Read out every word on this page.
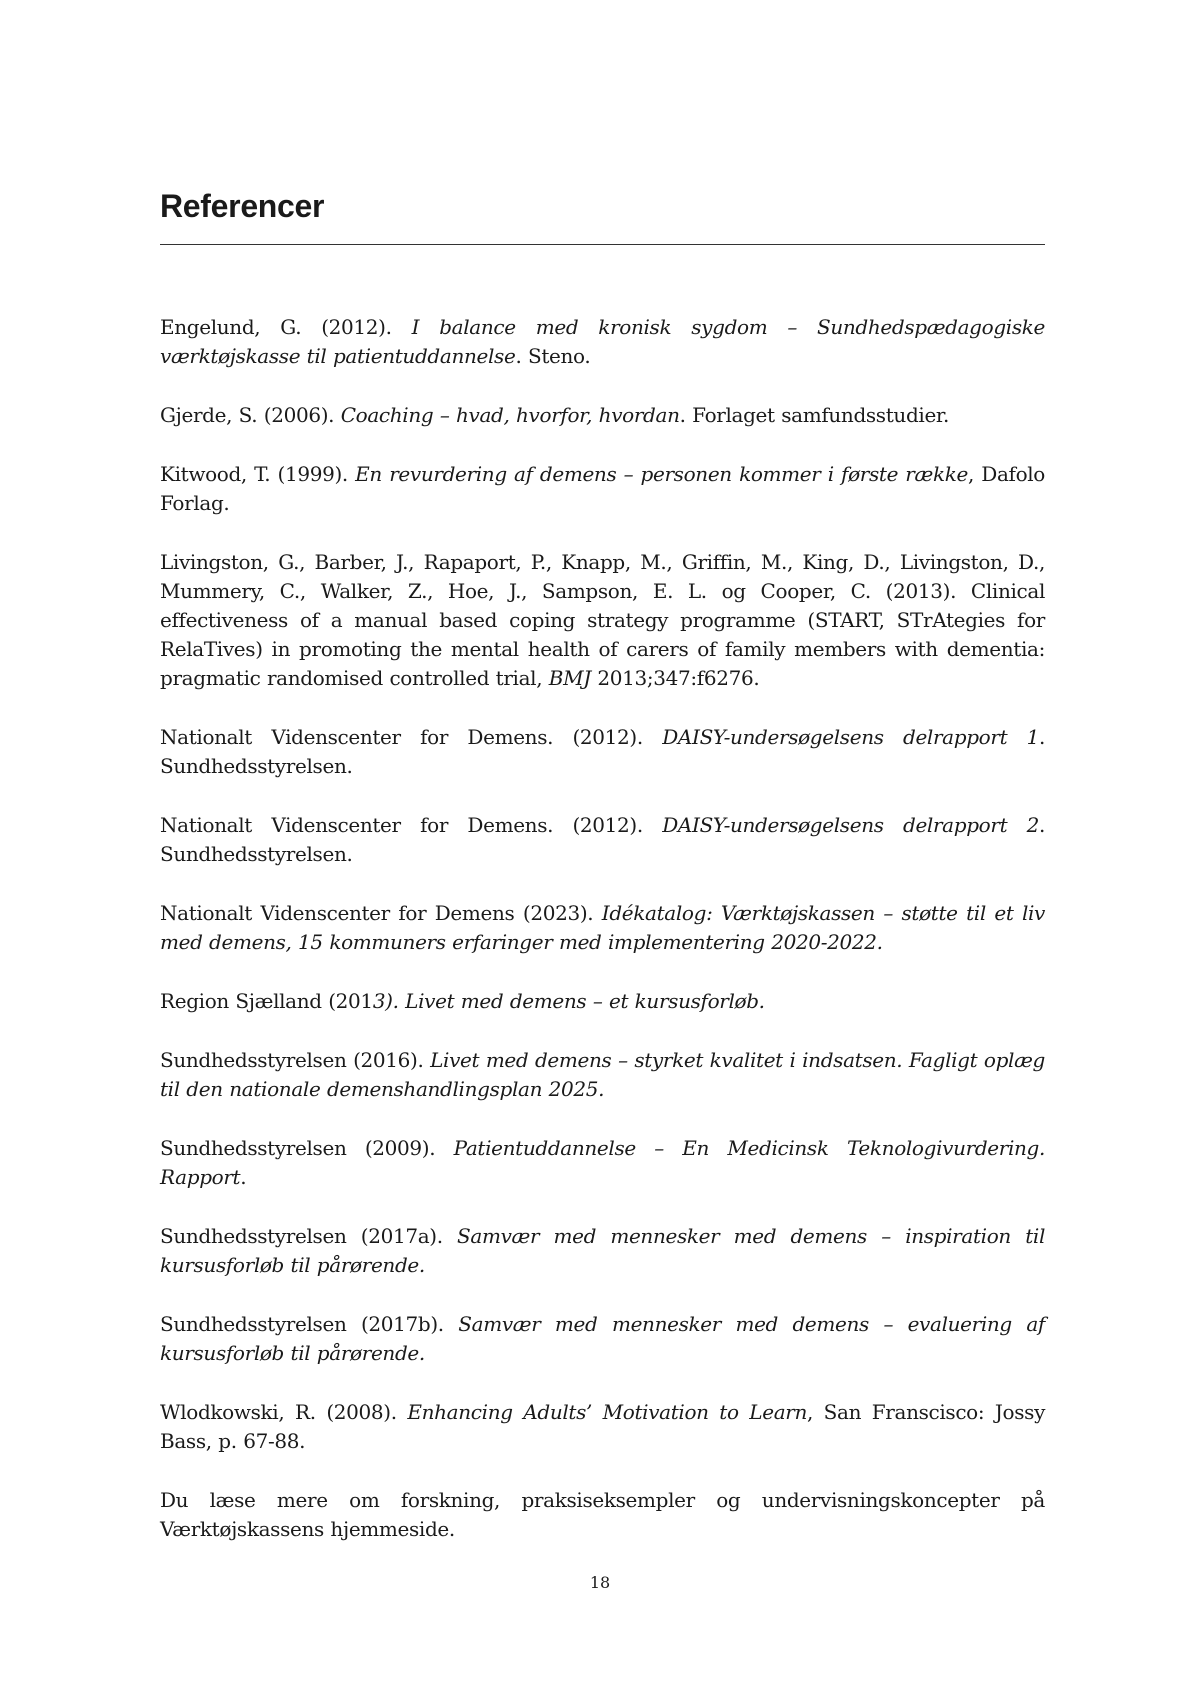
Referencer

Engelund, G. (2012). I balance med kronisk sygdom – Sundhedspædagogiske værktøjskasse til patientuddannelse. Steno.

Gjerde, S. (2006). Coaching – hvad, hvorfor, hvordan. Forlaget samfundsstudier.

Kitwood, T. (1999). En revurdering af demens – personen kommer i første række, Dafolo Forlag.

Livingston, G., Barber, J., Rapaport, P., Knapp, M., Griffin, M., King, D., Livingston, D., Mummery, C., Walker, Z., Hoe, J., Sampson, E. L. og Cooper, C. (2013). Clinical effectiveness of a manual based coping strategy programme (START, STrAtegies for RelaTives) in promoting the mental health of carers of family members with dementia: pragmatic randomised controlled trial, BMJ 2013;347:f6276.

Nationalt Videnscenter for Demens. (2012). DAISY-undersøgelsens delrapport 1. Sundhedsstyrelsen.

Nationalt Videnscenter for Demens. (2012). DAISY-undersøgelsens delrapport 2. Sundhedsstyrelsen.

Nationalt Videnscenter for Demens (2023). Idékatalog: Værktøjskassen – støtte til et liv med demens, 15 kommuners erfaringer med implementering 2020-2022.

Region Sjælland (2013). Livet med demens – et kursusforløb.

Sundhedsstyrelsen (2016). Livet med demens – styrket kvalitet i indsatsen. Fagligt oplæg til den nationale demenshandlingsplan 2025.

Sundhedsstyrelsen (2009). Patientuddannelse – En Medicinsk Teknologivurdering. Rapport.

Sundhedsstyrelsen (2017a). Samvær med mennesker med demens – inspiration til kursusforløb til pårørende.

Sundhedsstyrelsen (2017b). Samvær med mennesker med demens – evaluering af kursusforløb til pårørende.

Wlodkowski, R. (2008). Enhancing Adults’ Motivation to Learn, San Franscisco: Jossy Bass, p. 67-88.

Du læse mere om forskning, praksiseksempler og undervisningskoncepter på Værktøjskassens hjemmeside.

18
